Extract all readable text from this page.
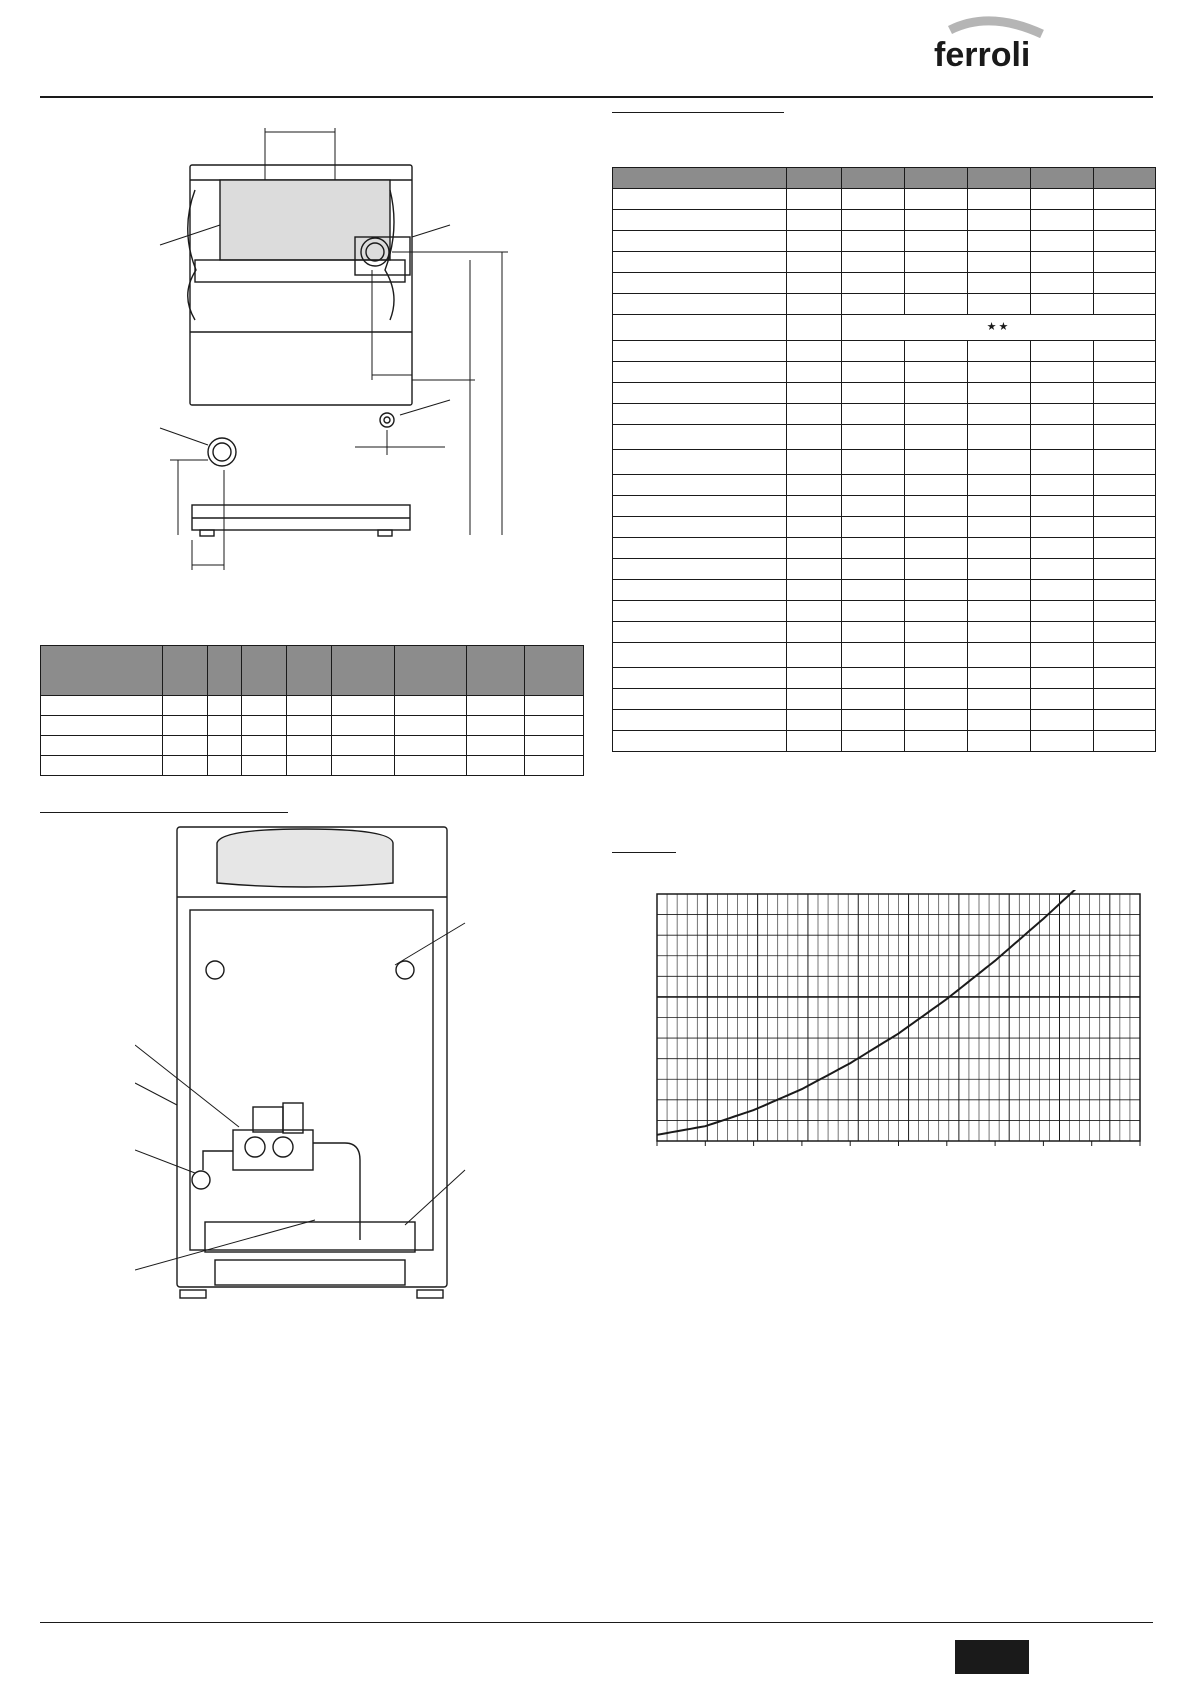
ferroli

		★★				
